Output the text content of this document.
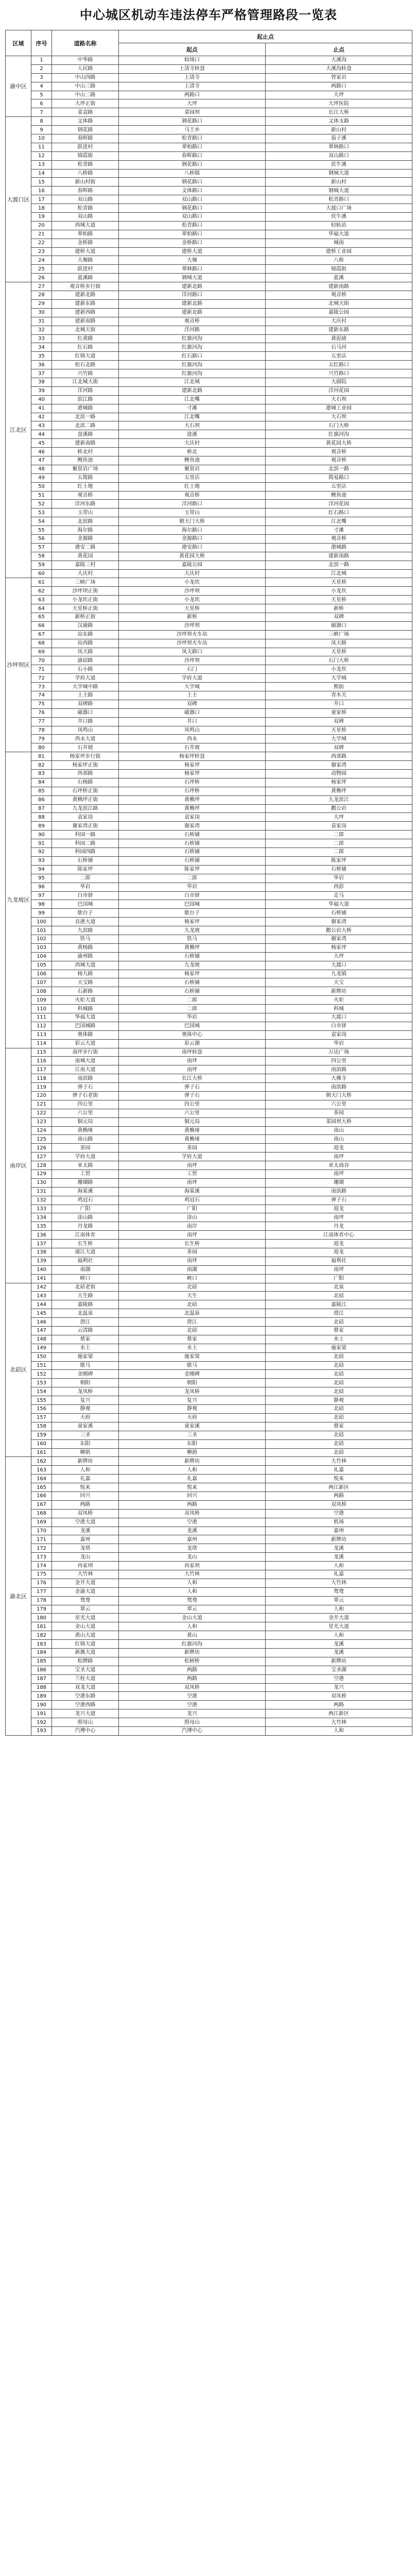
中心城区机动车违法停车严格管理路段一览表
区域	序号	道路名称	起止点	
			起点	止点
渝中区	1	中华路	较场口	大溪沟
	2	人民路	上清寺转盘	大溪沟转盘
	3	中山四路	上清寺	曾家岩
	4	中山三路	上清寺	两路口
	5	中山二路	两路口	大坪
	6	大坪正街	大坪	大坪医院
	7	菜袁路	菜园坝	长江大桥
大渡口区	8	文体路	钢花路口	文体支路
	9	钢花路	马王乡	新山村
	10	春晖路	松青路口	茄子溪
	11	跃进村	翠柏路口	翠林路口
	12	锦霞街	春晖路口	双山路口
	13	松青路	钢花路口	伏牛溪
	14	八桥路	八桥镇	钢城大道
	15	新山村街	钢花路口	新山村
	16	春晖路	文体路口	钢城大道
	17	双山路	双山路口	松青路口
	18	松青路	钢花路口	大渡口广场
	19	双山路	双山路口	伏牛溪
	20	西城大道	松青路口	轻轨站
	21	翠柏路	翠柏路口	华福大道
	22	金桥路	金桥路口	城南
	23	建桥大道	建桥大道	建桥工业园
	24	大堰路	大堰	八桥
	25	跃进村	翠林路口	锦霞街
	26	蓝溪路	钢城大道	蓝溪
江北区	27	观音桥步行街	建新北路	建新南路
	28	建新北路	洋河路口	观音桥
	29	建新东路	建新北路	北城天街
	30	建新西路	建新北路	嘉陵公园
	31	建新南路	观音桥	大庆村
	32	北城天街	洋河路	建新东路
	33	红黄路	红旗河沟	黄泥磅
	34	红石路	红旗河沟	石马河
	35	红锦大道	红石路口	五里店
	36	松石北路	红旗河沟	五红路口
	37	兴竹路	红旗河沟	兴竹路口
	38	江北城大街	江北城	大剧院
	39	洋河路	建新北路	洋河花园
	40	滨江路	江北嘴	大石坝
	41	港城路	寸滩	港城工业园
	42	北滨一路	江北嘴	大石坝
	43	北滨二路	大石坝	石门大桥
	44	盘溪路	盘溪	红旗河沟
	45	建新南路	大庆村	黄花园大桥
	46	桥北村	桥北	观音桥
	47	鲤鱼池	鲤鱼池	观音桥
	48	聚贤岩广场	聚贤岩	北滨一路
	49	五简路	五里店	简易路口
	50	红土地	红土地	五里店
	51	观音桥	观音桥	鲤鱼池
	52	洋河东路	洋河路口	洋河花园
	53	玉带山	玉带山	红石路口
	54	北滨路	朝天门大桥	江北嘴
	55	海尔路	海尔路口	寸滩
	56	金源路	金源路口	观音桥
	57	港安二路	港安路口	港城路
	58	黄花园	黄花园大桥	建新南路
	59	嘉陵三村	嘉陵公园	北滨一路
	60	大庆村	大庆村	江北城
沙坪坝区	61	三峡广场	小龙坎	天星桥
	62	沙坪坝正街	沙坪坝	小龙坎
	63	小龙坎正街	小龙坎	天星桥
	64	天星桥正街	天星桥	新桥
	65	新桥正街	新桥	双碑
	66	汉渝路	沙坪坝	磁器口
	67	站东路	沙坪坝火车站	三峡广场
	68	站西路	沙坪坝火车站	凤天路
	69	凤天路	凤天路口	天星桥
	70	渝碚路	沙坪坝	石门大桥
	71	石小路	石门	小龙坎
	72	学府大道	学府大道	大学城
	73	大学城中路	大学城	熙街
	74	土主路	土主	青木关
	75	双碑路	双碑	井口
	76	磁器口	磁器口	童家桥
	77	井口路	井口	双碑
	78	凤鸣山	凤鸣山	天星桥
	79	西永大道	西永	大学城
	80	石井坡	石井坡	双碑
九龙坡区	81	杨家坪步行街	杨家坪转盘	西郊路
	82	杨家坪正街	杨家坪	谢家湾
	83	西郊路	杨家坪	动物园
	84	石杨路	石坪桥	杨家坪
	85	石坪桥正街	石坪桥	黄桷坪
	86	黄桷坪正街	黄桷坪	九龙滨江
	87	九龙滨江路	黄桷坪	鹅公岩
	88	袁家岗	袁家岗	大坪
	89	谢家湾正街	谢家湾	袁家岗
	90	科园一路	石桥铺	二郎
	91	科园二路	石桥铺	二郎
	92	科园四路	石桥铺	二郎
	93	石桥铺	石桥铺	陈家坪
	94	陈家坪	陈家坪	石桥铺
	95	二郎	二郎	华岩
	96	华岩	华岩	西彭
	97	白市驿	白市驿	走马
	98	巴国城	巴国城	华福大道
	99	歇台子	歇台子	石桥铺
	100	直港大道	杨家坪	谢家湾
	101	九滨路	九龙坡	鹅公岩大桥
	102	铁马	铁马	谢家湾
	103	黄杨路	黄桷坪	杨家坪
	104	渝州路	石桥铺	大坪
	105	西城大道	九龙坡	大渡口
	106	杨九路	杨家坪	九龙镇
	107	天宝路	石桥铺	天宝
	108	石新路	石桥铺	新牌坊
	109	火炬大道	二郎	火炬
	110	科城路	二郎	科城
	111	华福大道	华岩	大渡口
	112	巴国城路	巴国城	白市驿
	113	奥体路	奥体中心	袁家岗
	114	彩云大道	彩云湖	华岩
南岸区	115	南坪步行街	南坪转盘	万达广场
	116	南城大道	南坪	四公里
	117	江南大道	南坪	南滨路
	118	南滨路	长江大桥	大佛寺
	119	弹子石	弹子石	南滨路
	120	弹子石老街	弹子石	朝天门大桥
	121	四公里	四公里	六公里
	122	六公里	六公里	茶园
	123	铜元局	铜元局	菜园坝大桥
	124	黄桷垭	黄桷垭	南山
	125	南山路	黄桷垭	南山
	126	茶园	茶园	迎龙
	127	学府大道	学府大道	南坪
	128	亚太路	南坪	亚太商谷
	129	工贸	工贸	南坪
	130	珊瑚路	南坪	珊瑚
	131	海棠溪	海棠溪	南滨路
	132	鸡冠石	鸡冠石	弹子石
	133	广阳	广阳	迎龙
	134	涂山路	涂山	南坪
	135	丹龙路	南岸	丹龙
	136	江南体育	南坪	江南体育中心
	137	长生桥	长生桥	迎龙
	138	通江大道	茶园	迎龙
	139	福利社	南坪	福利社
	140	南湖	南湖	南坪
	141	峡口	峡口	广阳
北碚区	142	北碚老街	北碚	北泉
	143	天生路	天生	北碚
	144	嘉陵路	北碚	嘉陵江
	145	北温泉	北温泉	澄江
	146	澄江	澄江	北碚
	147	云清路	北碚	蔡家
	148	蔡家	蔡家	水土
	149	水土	水土	施家梁
	150	施家梁	施家梁	北碚
	151	歇马	歇马	北碚
	152	金刚碑	金刚碑	北碚
	153	朝阳	朝阳	北碚
	154	龙凤桥	龙凤桥	北碚
	155	复兴	复兴	静观
	156	静观	静观	北碚
	157	天府	天府	北碚
	158	童家溪	童家溪	蔡家
	159	三圣	三圣	北碚
	160	东阳	东阳	北碚
	161	柳荫	柳荫	北碚
渝北区	162	新牌坊	新牌坊	大竹林
	163	人和	人和	礼嘉
	164	礼嘉	礼嘉	悦来
	165	悦来	悦来	两江新区
	166	回兴	回兴	两路
	167	两路	两路	双凤桥
	168	双凤桥	双凤桥	空港
	169	空港大道	空港	机场
	170	龙溪	龙溪	嘉州
	171	嘉州	嘉州	新牌坊
	172	龙塔	龙塔	龙溪
	173	龙山	龙山	龙溪
	174	冉家坝	冉家坝	人和
	175	大竹林	大竹林	礼嘉
	176	金开大道	人和	大竹林
	177	金渝大道	人和	鸳鸯
	178	鸳鸯	鸳鸯	翠云
	179	翠云	翠云	人和
	180	星光大道	金山大道	金开大道
	181	金山大道	人和	星光大道
	182	黄山大道	黄山	人和
	183	红锦大道	红旗河沟	龙溪
	184	新溉大道	新牌坊	龙溪
	185	松牌路	松树桥	新牌坊
	186	宝圣大道	两路	宝圣湖
	187	兰桂大道	两路	空港
	188	双龙大道	双凤桥	龙兴
	189	空港东路	空港	双凤桥
	190	空港西路	空港	两路
	191	龙兴大道	龙兴	两江新区
	192	照母山	照母山	大竹林
	193	汽博中心	汽博中心	人和
